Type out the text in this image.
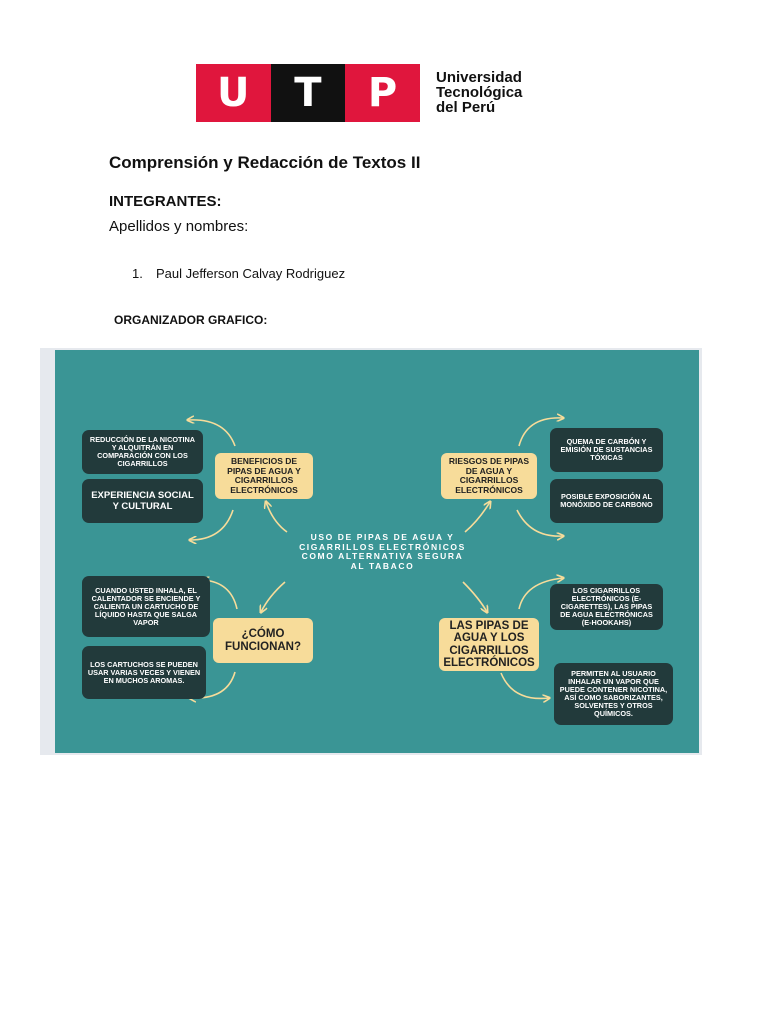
U	T	P	Universidad
Tecnológica
del Perú
Comprensión y Redacción de Textos II
INTEGRANTES:
Apellidos y nombres:
1. Paul Jefferson Calvay Rodriguez
ORGANIZADOR GRAFICO:
USO DE PIPAS DE AGUA Y CIGARRILLOS ELECTRÓNICOS COMO ALTERNATIVA SEGURA AL TABACO
BENEFICIOS DE PIPAS DE AGUA Y CIGARRILLOS ELECTRÓNICOS
REDUCCIÓN DE LA NICOTINA Y ALQUITRÁN EN COMPARACIÓN CON LOS CIGARRILLOS
EXPERIENCIA SOCIAL Y CULTURAL
RIESGOS DE PIPAS DE AGUA Y CIGARRILLOS ELECTRÓNICOS
QUEMA DE CARBÓN Y EMISIÓN DE SUSTANCIAS TÓXICAS
POSIBLE EXPOSICIÓN AL MONÓXIDO DE CARBONO
¿CÓMO FUNCIONAN?
CUANDO USTED INHALA, EL CALENTADOR SE ENCIENDE Y CALIENTA UN CARTUCHO DE LÍQUIDO HASTA QUE SALGA VAPOR
LOS CARTUCHOS SE PUEDEN USAR VARIAS VECES Y VIENEN EN MUCHOS AROMAS.
LAS PIPAS DE AGUA Y LOS CIGARRILLOS ELECTRÓNICOS
LOS CIGARRILLOS ELECTRÓNICOS (E-CIGARETTES), LAS PIPAS DE AGUA ELECTRÓNICAS (E-HOOKAHS)
PERMITEN AL USUARIO INHALAR UN VAPOR QUE PUEDE CONTENER NICOTINA, ASÍ COMO SABORIZANTES, SOLVENTES Y OTROS QUÍMICOS.
